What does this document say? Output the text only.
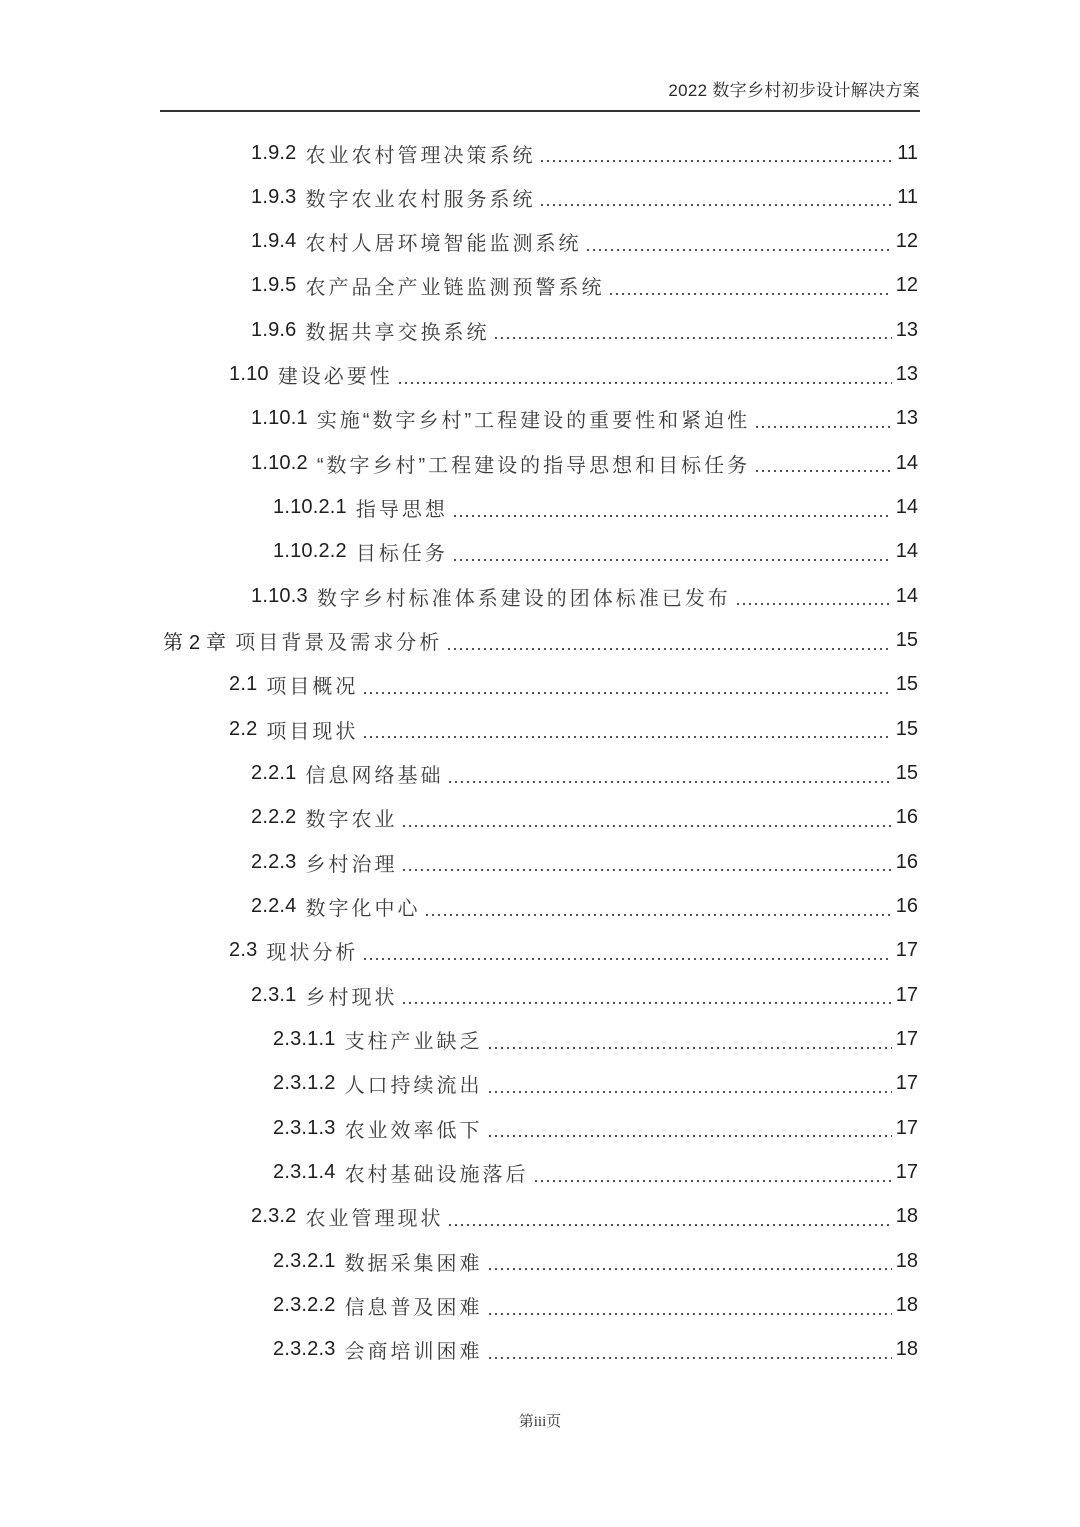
2022 数字乡村初步设计解决方案
1.9.2 农业农村管理决策系统	11
1.9.3 数字农业农村服务系统	11
1.9.4 农村人居环境智能监测系统	12
1.9.5 农产品全产业链监测预警系统	12
1.9.6 数据共享交换系统	13
1.10 建设必要性	13
1.10.1 实施“数字乡村”工程建设的重要性和紧迫性	13
1.10.2 “数字乡村”工程建设的指导思想和目标任务	14
1.10.2.1 指导思想	14
1.10.2.2 目标任务	14
1.10.3 数字乡村标准体系建设的团体标准已发布	14
第 2 章 项目背景及需求分析	15
2.1 项目概况	15
2.2 项目现状	15
2.2.1 信息网络基础	15
2.2.2 数字农业	16
2.2.3 乡村治理	16
2.2.4 数字化中心	16
2.3 现状分析	17
2.3.1 乡村现状	17
2.3.1.1 支柱产业缺乏	17
2.3.1.2 人口持续流出	17
2.3.1.3 农业效率低下	17
2.3.1.4 农村基础设施落后	17
2.3.2 农业管理现状	18
2.3.2.1 数据采集困难	18
2.3.2.2 信息普及困难	18
2.3.2.3 会商培训困难	18
第iii页
